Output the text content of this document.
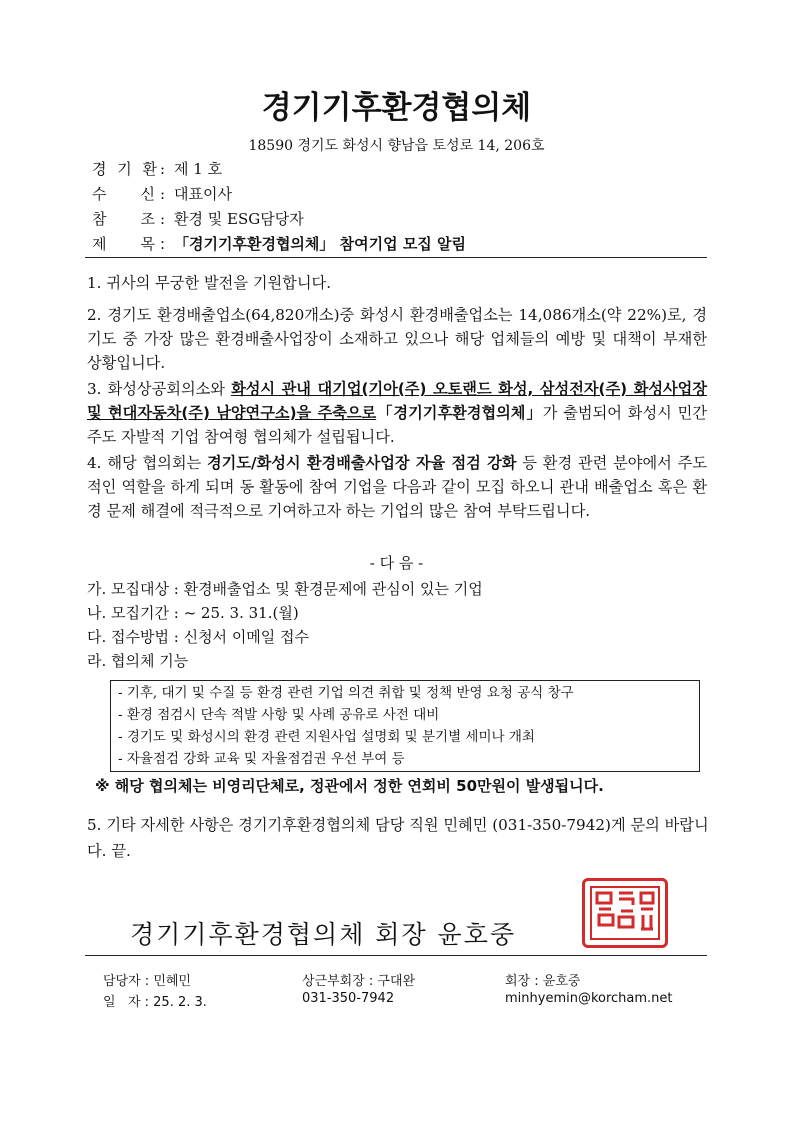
경기기후환경협의체
18590 경기도 화성시 향남읍 토성로 14, 206호
경 기 환: 제 1 호
수    신 : 대표이사
참    조 : 환경 및 ESG담당자
제    목 : 「경기기후환경협의체」 참여기업 모집 알림
1. 귀사의 무궁한 발전을 기원합니다.
2. 경기도 환경배출업소(64,820개소)중 화성시 환경배출업소는 14,086개소(약 22%)로, 경기도 중 가장 많은 환경배출사업장이 소재하고 있으나 해당 업체들의 예방 및 대책이 부재한 상황입니다.
3. 화성상공회의소와 화성시 관내 대기업(기아(주) 오토랜드 화성, 삼성전자(주) 화성사업장 및 현대자동차(주) 남양연구소)을 주축으로「경기기후환경협의체」가 출범되어 화성시 민간 주도 자발적 기업 참여형 협의체가 설립됩니다.
4. 해당 협의회는 경기도/화성시 환경배출사업장 자율 점검 강화 등 환경 관련 분야에서 주도적인 역할을 하게 되며 동 활동에 참여 기업을 다음과 같이 모집 하오니 관내 배출업소 혹은 환경 문제 해결에 적극적으로 기여하고자 하는 기업의 많은 참여 부탁드립니다.
- 다 음 -
가. 모집대상 : 환경배출업소 및 환경문제에 관심이 있는 기업
나. 모집기간 : ~ 25. 3. 31.(월)
다. 접수방법 : 신청서 이메일 접수
라. 협의체 기능
- 기후, 대기 및 수질 등 환경 관련 기업 의견 취합 및 정책 반영 요청 공식 창구
- 환경 점검시 단속 적발 사항 및 사례 공유로 사전 대비
- 경기도 및 화성시의 환경 관련 지원사업 설명회 및 분기별 세미나 개최
- 자율점검 강화 교육 및 자율점검권 우선 부여 등
※ 해당 협의체는 비영리단체로, 정관에서 정한 연회비 50만원이 발생됩니다.
5. 기타 자세한 사항은 경기기후환경협의체 담당 직원 민혜민 (031-350-7942)게 문의 바랍니다. 끝.
경기기후환경협의체 회장 윤호중
담당자 : 민혜민
일   자 : 25. 2. 3.
상근부회장 : 구대완
031-350-7942
회장 : 윤호중
minhyemin@korcham.net
